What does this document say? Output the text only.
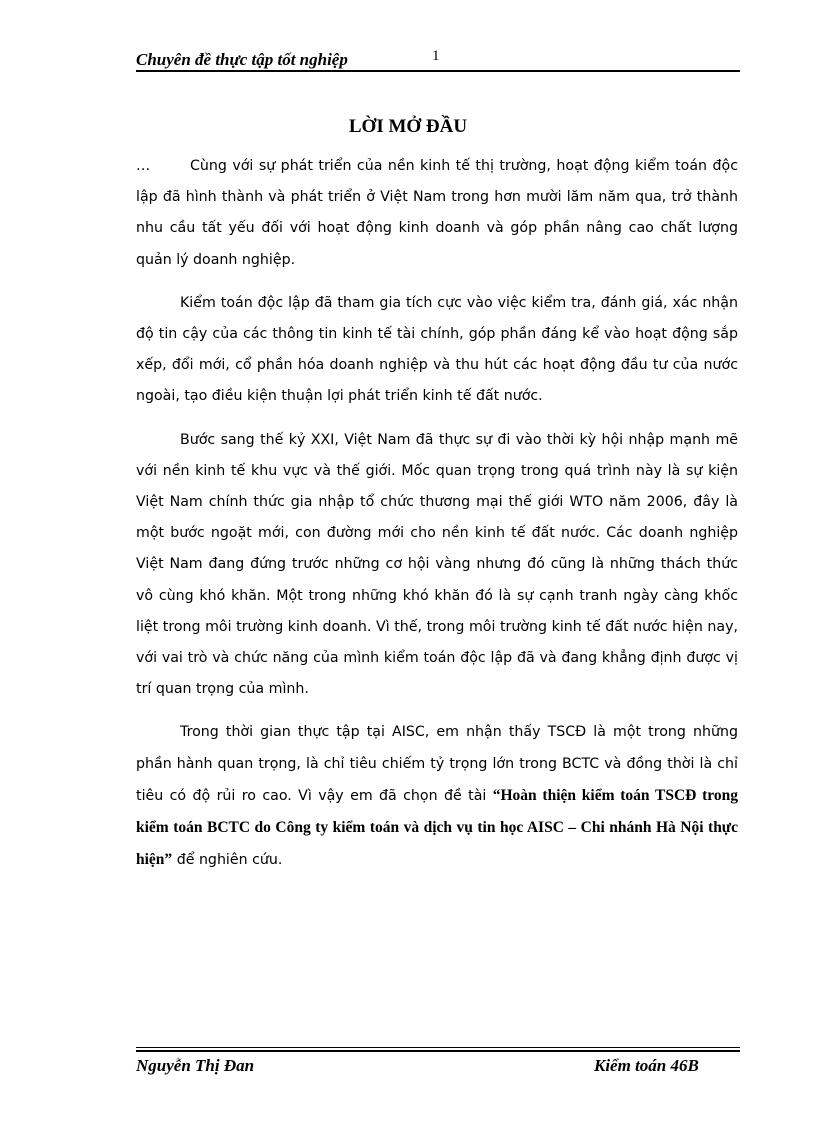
Chuyên đề thực tập tốt nghiệp	1
LỜI MỞ ĐẦU

…	Cùng với sự phát triển của nền kinh tế thị trường, hoạt động kiểm toán độc lập đã hình thành và phát triển ở Việt Nam trong hơn mười lăm năm qua, trở thành nhu cầu tất yếu đối với hoạt động kinh doanh và góp phần nâng cao chất lượng quản lý doanh nghiệp.

Kiểm toán độc lập đã tham gia tích cực vào việc kiểm tra, đánh giá, xác nhận độ tin cậy của các thông tin kinh tế tài chính, góp phần đáng kể vào hoạt động sắp xếp, đổi mới, cổ phần hóa doanh nghiệp và thu hút các hoạt động đầu tư của nước ngoài, tạo điều kiện thuận lợi phát triển kinh tế đất nước.

Bước sang thế kỷ XXI, Việt Nam đã thực sự đi vào thời kỳ hội nhập mạnh mẽ với nền kinh tế khu vực và thế giới. Mốc quan trọng trong quá trình này là sự kiện Việt Nam chính thức gia nhập tổ chức thương mại thế giới WTO năm 2006, đây là một bước ngoặt mới, con đường mới cho nền kinh tế đất nước. Các doanh nghiệp Việt Nam đang đứng trước những cơ hội vàng nhưng đó cũng là những thách thức vô cùng khó khăn. Một trong những khó khăn đó là sự cạnh tranh ngày càng khốc liệt trong môi trường kinh doanh. Vì thế, trong môi trường kinh tế đất nước hiện nay, với vai trò và chức năng của mình kiểm toán độc lập đã và đang khẳng định được vị trí quan trọng của mình.

Trong thời gian thực tập tại AISC, em nhận thấy TSCĐ là một trong những phần hành quan trọng, là chỉ tiêu chiếm tỷ trọng lớn trong BCTC và đồng thời là chỉ tiêu có độ rủi ro cao. Vì vậy em đã chọn đề tài “Hoàn thiện kiểm toán TSCĐ trong kiểm toán BCTC do Công ty kiểm toán và dịch vụ tin học AISC – Chi nhánh Hà Nội thực hiện” để nghiên cứu.

Nguyễn Thị Đan	Kiểm toán 46B
